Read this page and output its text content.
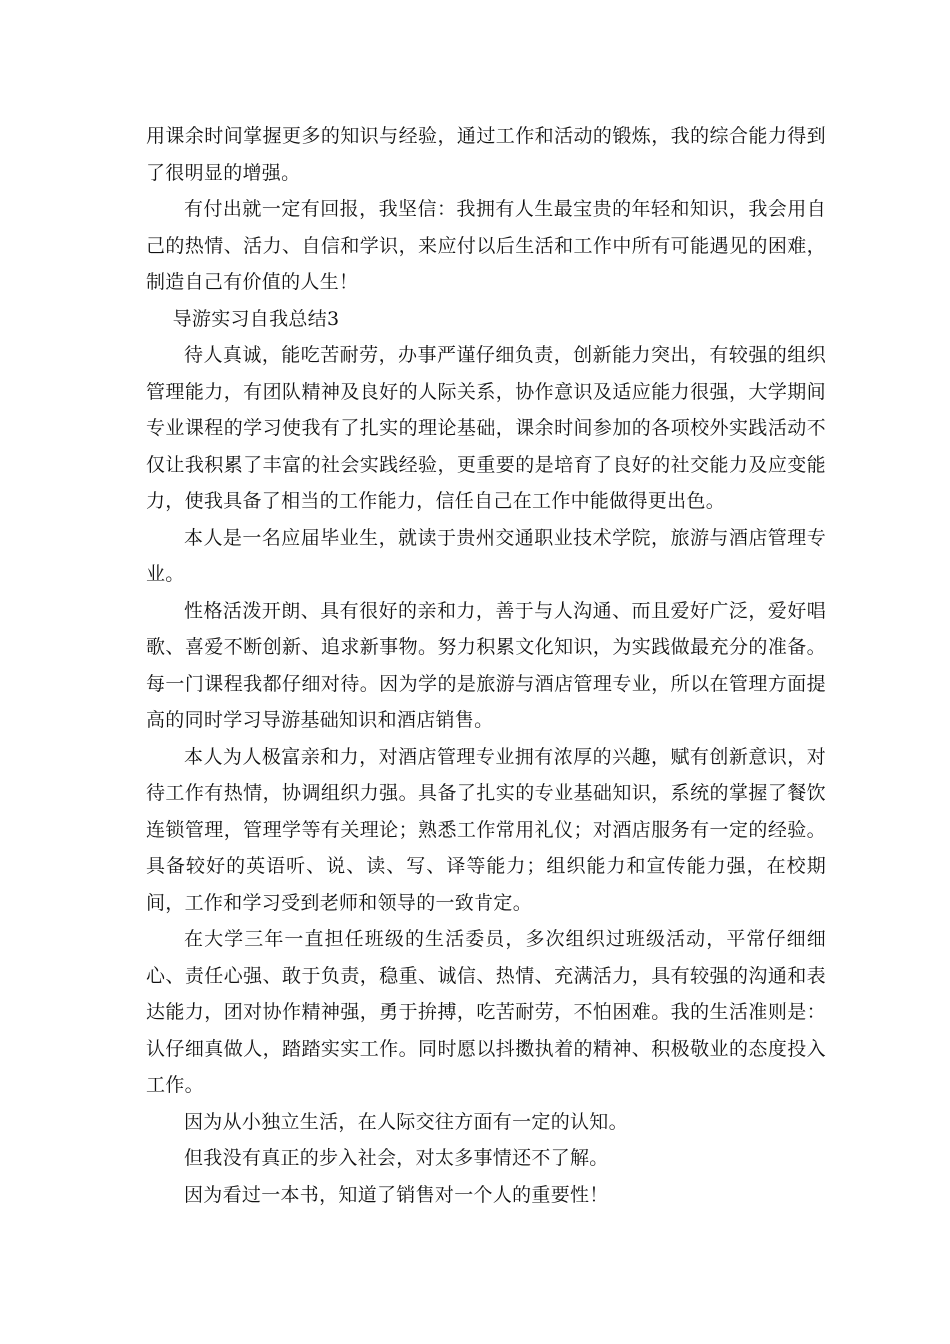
用课余时间掌握更多的知识与经验，通过工作和活动的锻炼，我的综合能力得到了很明显的增强。

有付出就一定有回报，我坚信：我拥有人生最宝贵的年轻和知识，我会用自己的热情、活力、自信和学识，来应付以后生活和工作中所有可能遇见的困难，制造自己有价值的人生！

导游实习自我总结3

待人真诚，能吃苦耐劳，办事严谨仔细负责，创新能力突出，有较强的组织管理能力，有团队精神及良好的人际关系，协作意识及适应能力很强，大学期间专业课程的学习使我有了扎实的理论基础，课余时间参加的各项校外实践活动不仅让我积累了丰富的社会实践经验，更重要的是培育了良好的社交能力及应变能力，使我具备了相当的工作能力，信任自己在工作中能做得更出色。

本人是一名应届毕业生，就读于贵州交通职业技术学院，旅游与酒店管理专业。

性格活泼开朗、具有很好的亲和力，善于与人沟通、而且爱好广泛，爱好唱歌、喜爱不断创新、追求新事物。努力积累文化知识，为实践做最充分的准备。每一门课程我都仔细对待。因为学的是旅游与酒店管理专业，所以在管理方面提高的同时学习导游基础知识和酒店销售。

本人为人极富亲和力，对酒店管理专业拥有浓厚的兴趣，赋有创新意识，对待工作有热情，协调组织力强。具备了扎实的专业基础知识，系统的掌握了餐饮连锁管理，管理学等有关理论；熟悉工作常用礼仪；对酒店服务有一定的经验。具备较好的英语听、说、读、写、译等能力；组织能力和宣传能力强，在校期间，工作和学习受到老师和领导的一致肯定。

在大学三年一直担任班级的生活委员，多次组织过班级活动，平常仔细细心、责任心强、敢于负责，稳重、诚信、热情、充满活力，具有较强的沟通和表达能力，团对协作精神强，勇于拚搏，吃苦耐劳，不怕困难。我的生活准则是：认仔细真做人，踏踏实实工作。同时愿以抖擞执着的精神、积极敬业的态度投入工作。

因为从小独立生活，在人际交往方面有一定的认知。

但我没有真正的步入社会，对太多事情还不了解。

因为看过一本书，知道了销售对一个人的重要性！
